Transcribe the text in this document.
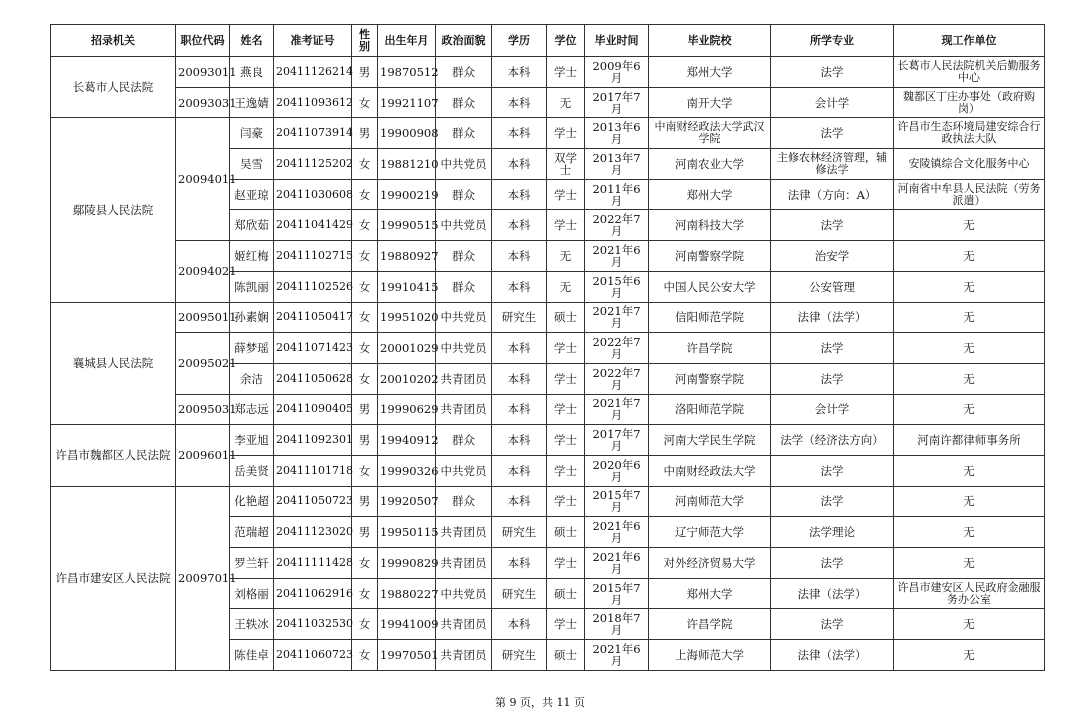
招录机关	职位代码	姓名	准考证号	性别	出生年月	政治面貌	学历	学位	毕业时间	毕业院校	所学专业	现工作单位
长葛市人民法院	20093011	燕良	20411126214	男	19870512	群众	本科	学士	2009年6月	郑州大学	法学	长葛市人民法院机关后勤服务中心
	20093031	王逸婧	20411093612	女	19921107	群众	本科	无	2017年7月	南开大学	会计学	魏都区丁庄办事处（政府购岗）
鄢陵县人民法院	20094011	闫豪	20411073914	男	19900908	群众	本科	学士	2013年6月	中南财经政法大学武汉学院	法学	许昌市生态环境局建安综合行政执法大队
		吴雪	20411125202	女	19881210	中共党员	本科	双学士	2013年7月	河南农业大学	主修农林经济管理，辅修法学	安陵镇综合文化服务中心
		赵亚琼	20411030608	女	19900219	群众	本科	学士	2011年6月	郑州大学	法律（方向：A）	河南省中牟县人民法院（劳务派遣）
		郑欣茹	20411041429	女	19990515	中共党员	本科	学士	2022年7月	河南科技大学	法学	无
	20094021	姬红梅	20411102715	女	19880927	群众	本科	无	2021年6月	河南警察学院	治安学	无
		陈凯丽	20411102526	女	19910415	群众	本科	无	2015年6月	中国人民公安大学	公安管理	无
襄城县人民法院	20095011	孙素娴	20411050417	女	19951020	中共党员	研究生	硕士	2021年7月	信阳师范学院	法律（法学）	无
	20095021	薛梦瑶	20411071423	女	20001029	中共党员	本科	学士	2022年7月	许昌学院	法学	无
		余洁	20411050628	女	20010202	共青团员	本科	学士	2022年7月	河南警察学院	法学	无
	20095031	郑志远	20411090405	男	19990629	共青团员	本科	学士	2021年7月	洛阳师范学院	会计学	无
许昌市魏都区人民法院	20096011	李亚旭	20411092301	男	19940912	群众	本科	学士	2017年7月	河南大学民生学院	法学（经济法方向）	河南许都律师事务所
		岳美贤	20411101718	女	19990326	中共党员	本科	学士	2020年6月	中南财经政法大学	法学	无
许昌市建安区人民法院	20097011	化艳超	20411050723	男	19920507	群众	本科	学士	2015年7月	河南师范大学	法学	无
		范瑞超	20411123020	男	19950115	共青团员	研究生	硕士	2021年6月	辽宁师范大学	法学理论	无
		罗兰轩	20411111428	女	19990829	共青团员	本科	学士	2021年6月	对外经济贸易大学	法学	无
		刘格丽	20411062916	女	19880227	中共党员	研究生	硕士	2015年7月	郑州大学	法律（法学）	许昌市建安区人民政府金融服务办公室
		王轶冰	20411032530	女	19941009	共青团员	本科	学士	2018年7月	许昌学院	法学	无
		陈佳卓	20411060723	女	19970501	共青团员	研究生	硕士	2021年6月	上海师范大学	法律（法学）	无
第 9 页，共 11 页
